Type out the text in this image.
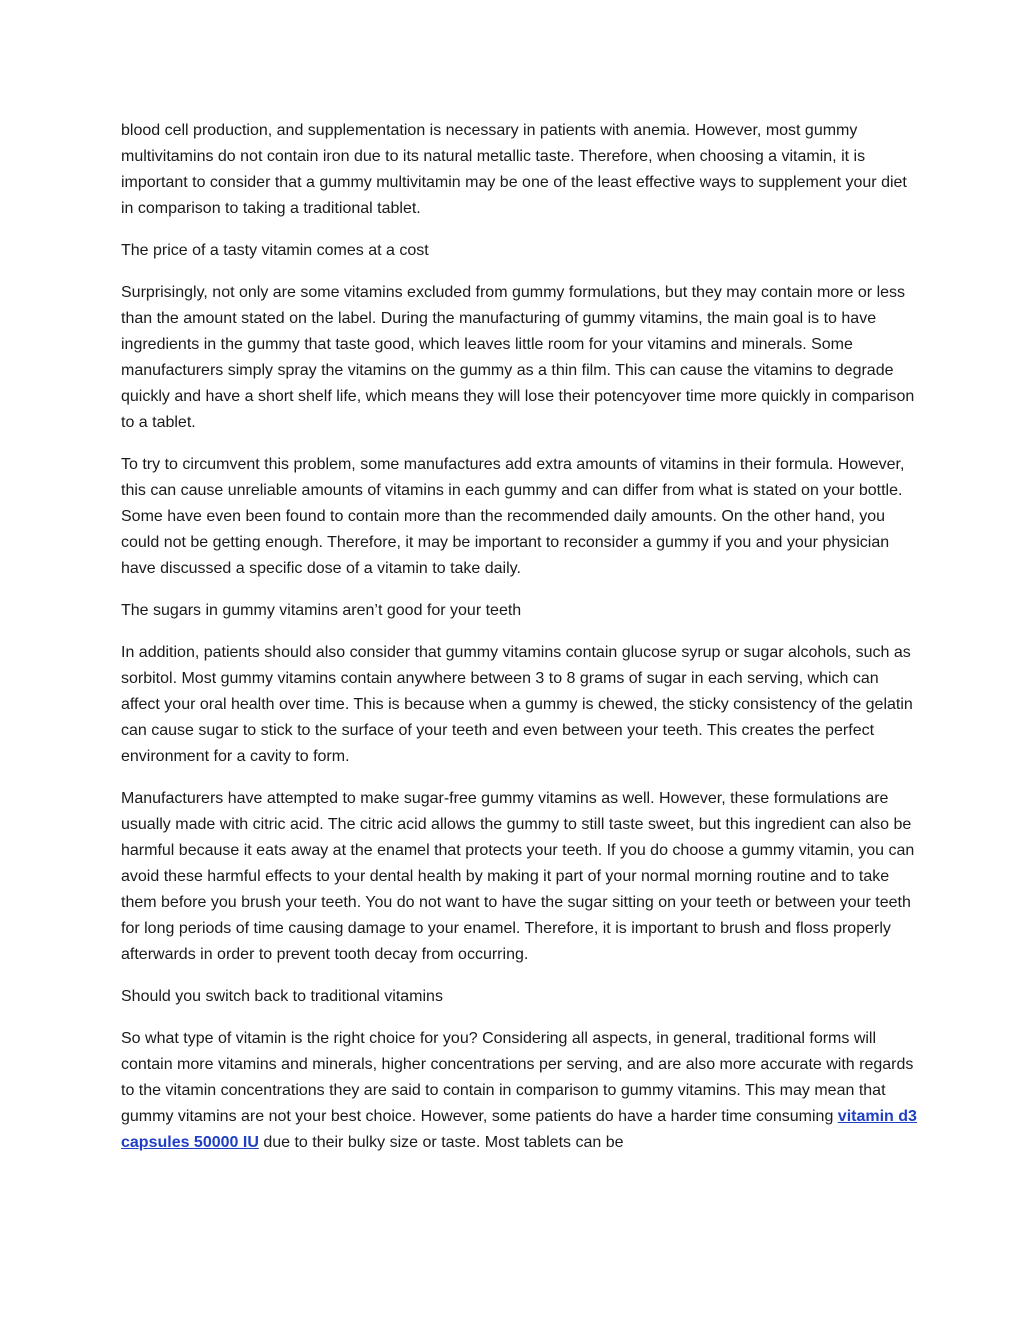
blood cell production, and supplementation is necessary in patients with anemia. However, most gummy multivitamins do not contain iron due to its natural metallic taste. Therefore, when choosing a vitamin, it is important to consider that a gummy multivitamin may be one of the least effective ways to supplement your diet in comparison to taking a traditional tablet.

The price of a tasty vitamin comes at a cost

Surprisingly, not only are some vitamins excluded from gummy formulations, but they may contain more or less than the amount stated on the label. During the manufacturing of gummy vitamins, the main goal is to have ingredients in the gummy that taste good, which leaves little room for your vitamins and minerals. Some manufacturers simply spray the vitamins on the gummy as a thin film. This can cause the vitamins to degrade quickly and have a short shelf life, which means they will lose their potencyover time more quickly in comparison to a tablet.

To try to circumvent this problem, some manufactures add extra amounts of vitamins in their formula. However, this can cause unreliable amounts of vitamins in each gummy and can differ from what is stated on your bottle. Some have even been found to contain more than the recommended daily amounts. On the other hand, you could not be getting enough. Therefore, it may be important to reconsider a gummy if you and your physician have discussed a specific dose of a vitamin to take daily.

The sugars in gummy vitamins aren’t good for your teeth

In addition, patients should also consider that gummy vitamins contain glucose syrup or sugar alcohols, such as sorbitol. Most gummy vitamins contain anywhere between 3 to 8 grams of sugar in each serving, which can affect your oral health over time. This is because when a gummy is chewed, the sticky consistency of the gelatin can cause sugar to stick to the surface of your teeth and even between your teeth. This creates the perfect environment for a cavity to form.

Manufacturers have attempted to make sugar-free gummy vitamins as well. However, these formulations are usually made with citric acid. The citric acid allows the gummy to still taste sweet, but this ingredient can also be harmful because it eats away at the enamel that protects your teeth. If you do choose a gummy vitamin, you can avoid these harmful effects to your dental health by making it part of your normal morning routine and to take them before you brush your teeth. You do not want to have the sugar sitting on your teeth or between your teeth for long periods of time causing damage to your enamel. Therefore, it is important to brush and floss properly afterwards in order to prevent tooth decay from occurring.

Should you switch back to traditional vitamins

So what type of vitamin is the right choice for you? Considering all aspects, in general, traditional forms will contain more vitamins and minerals, higher concentrations per serving, and are also more accurate with regards to the vitamin concentrations they are said to contain in comparison to gummy vitamins. This may mean that gummy vitamins are not your best choice. However, some patients do have a harder time consuming vitamin d3 capsules 50000 IU due to their bulky size or taste. Most tablets can be
